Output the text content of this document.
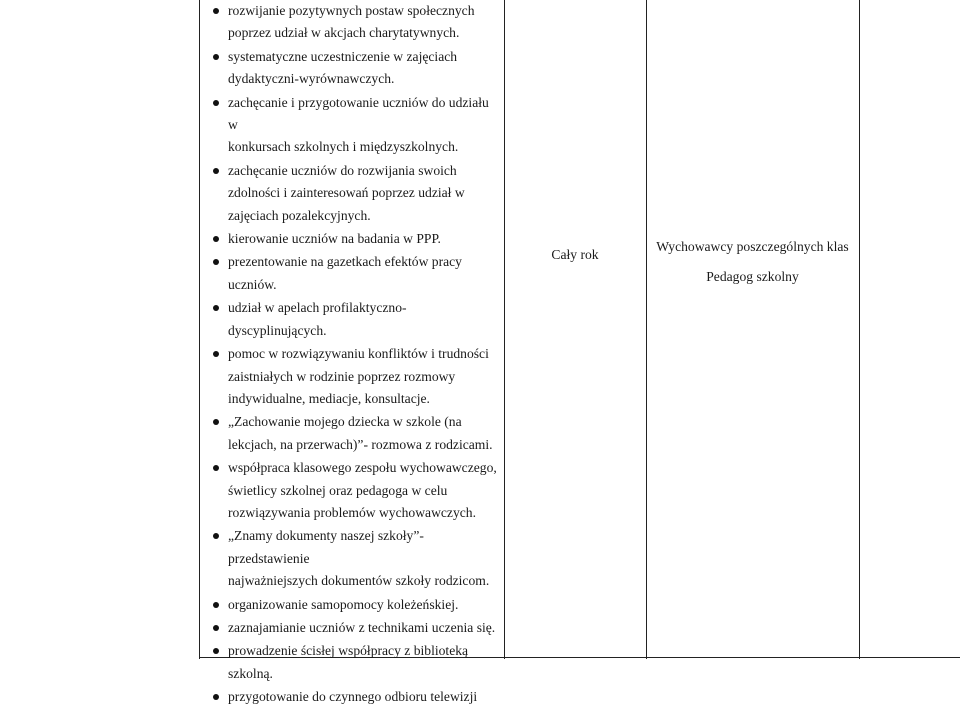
rozwijanie pozytywnych postaw społecznych
poprzez udział w akcjach charytatywnych.
systematyczne uczestniczenie w zajęciach
dydaktyczni-wyrównawczych.
zachęcanie i przygotowanie uczniów do udziału w
konkursach szkolnych i międzyszkolnych.
zachęcanie uczniów do rozwijania swoich
zdolności i zainteresowań poprzez udział w
zajęciach pozalekcyjnych.
kierowanie uczniów na badania w PPP.
prezentowanie na gazetkach efektów pracy
uczniów.
udział w apelach profilaktyczno- dyscyplinujących.
pomoc w rozwiązywaniu konfliktów i trudności
zaistniałych w rodzinie poprzez rozmowy
indywidualne, mediacje, konsultacje.
„Zachowanie mojego dziecka w szkole (na
lekcjach, na przerwach)”- rozmowa z rodzicami.
współpraca klasowego zespołu wychowawczego,
świetlicy szkolnej oraz pedagoga w celu
rozwiązywania problemów wychowawczych.
„Znamy dokumenty naszej szkoły”- przedstawienie
najważniejszych dokumentów szkoły rodzicom.
organizowanie samopomocy koleżeńskiej.
zaznajamianie uczniów z technikami uczenia się.
prowadzenie ścisłej współpracy z biblioteką
szkolną.
przygotowanie do czynnego odbioru telewizji
Cały rok
Wychowawcy poszczególnych klas
Pedagog szkolny
